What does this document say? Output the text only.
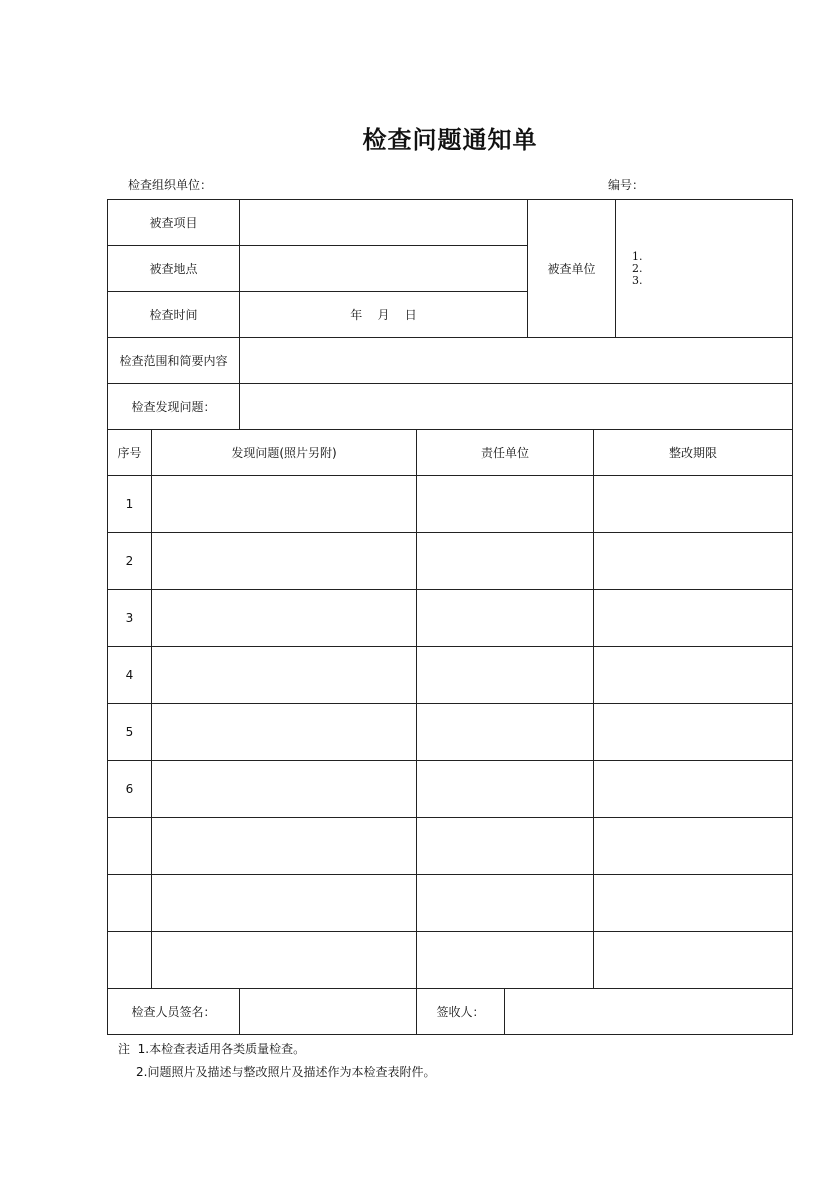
检查问题通知单
检查组织单位：	编号：
被查项目
被查地点
检查时间	年    月    日
被查单位
1.
2.
3.
检查范围和简要内容
检查发现问题：
序号	发现问题(照片另附)	责任单位	整改期限
1
2
3
4
5
6
检查人员签名：	签收人：
注  1.本检查表适用各类质量检查。
2.问题照片及描述与整改照片及描述作为本检查表附件。
